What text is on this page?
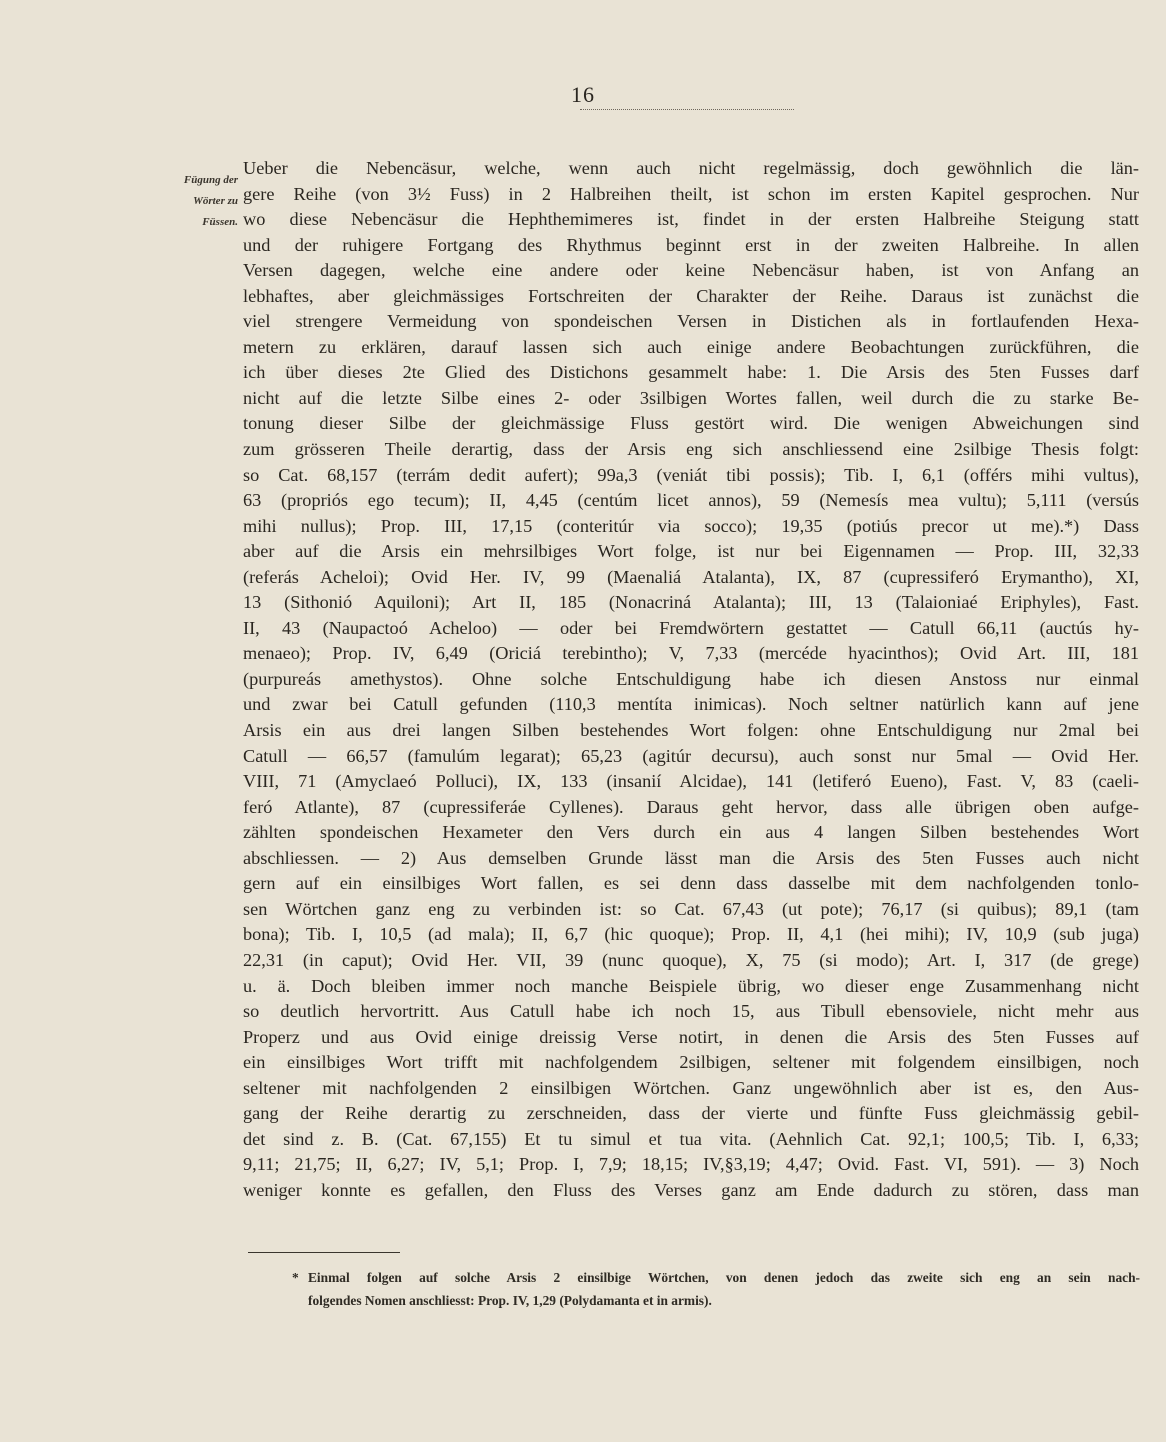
16
Fügung der
Wörter zu
Füssen.
Ueber die Nebencäsur, welche, wenn auch nicht regelmässig, doch gewöhnlich die län-
gere Reihe (von 3½ Fuss) in 2 Halbreihen theilt, ist schon im ersten Kapitel gesprochen. Nur
wo diese Nebencäsur die Hephthemimeres ist, findet in der ersten Halbreihe Steigung statt
und der ruhigere Fortgang des Rhythmus beginnt erst in der zweiten Halbreihe. In allen
Versen dagegen, welche eine andere oder keine Nebencäsur haben, ist von Anfang an
lebhaftes, aber gleichmässiges Fortschreiten der Charakter der Reihe. Daraus ist zunächst die
viel strengere Vermeidung von spondeischen Versen in Distichen als in fortlaufenden Hexa-
metern zu erklären, darauf lassen sich auch einige andere Beobachtungen zurückführen, die
ich über dieses 2te Glied des Distichons gesammelt habe: 1. Die Arsis des 5ten Fusses darf
nicht auf die letzte Silbe eines 2- oder 3silbigen Wortes fallen, weil durch die zu starke Be-
tonung dieser Silbe der gleichmässige Fluss gestört wird. Die wenigen Abweichungen sind
zum grösseren Theile derartig, dass der Arsis eng sich anschliessend eine 2silbige Thesis folgt:
so Cat. 68,157 (terrám dedit aufert); 99a,3 (veniát tibi possis); Tib. I, 6,1 (offérs mihi vultus),
63 (propriós ego tecum); II, 4,45 (centúm licet annos), 59 (Nemesís mea vultu); 5,111 (versús
mihi nullus); Prop. III, 17,15 (conteritúr via socco); 19,35 (potiús precor ut me).*) Dass
aber auf die Arsis ein mehrsilbiges Wort folge, ist nur bei Eigennamen — Prop. III, 32,33
(referás Acheloi); Ovid Her. IV, 99 (Maenaliá Atalanta), IX, 87 (cupressiferó Erymantho), XI,
13 (Sithonió Aquiloni); Art II, 185 (Nonacriná Atalanta); III, 13 (Talaioniaé Eriphyles), Fast.
II, 43 (Naupactoó Acheloo) — oder bei Fremdwörtern gestattet — Catull 66,11 (auctús hy-
menaeo); Prop. IV, 6,49 (Oriciá terebintho); V, 7,33 (mercéde hyacinthos); Ovid Art. III, 181
(purpureás amethystos). Ohne solche Entschuldigung habe ich diesen Anstoss nur einmal
und zwar bei Catull gefunden (110,3 mentíta inimicas). Noch seltner natürlich kann auf jene
Arsis ein aus drei langen Silben bestehendes Wort folgen: ohne Entschuldigung nur 2mal bei
Catull — 66,57 (famulúm legarat); 65,23 (agitúr decursu), auch sonst nur 5mal — Ovid Her.
VIII, 71 (Amyclaeó Polluci), IX, 133 (insanií Alcidae), 141 (letiferó Eueno), Fast. V, 83 (caeli-
feró Atlante), 87 (cupressiferáe Cyllenes). Daraus geht hervor, dass alle übrigen oben aufge-
zählten spondeischen Hexameter den Vers durch ein aus 4 langen Silben bestehendes Wort
abschliessen. — 2) Aus demselben Grunde lässt man die Arsis des 5ten Fusses auch nicht
gern auf ein einsilbiges Wort fallen, es sei denn dass dasselbe mit dem nachfolgenden tonlo-
sen Wörtchen ganz eng zu verbinden ist: so Cat. 67,43 (ut pote); 76,17 (si quibus); 89,1 (tam
bona); Tib. I, 10,5 (ad mala); II, 6,7 (hic quoque); Prop. II, 4,1 (hei mihi); IV, 10,9 (sub juga)
22,31 (in caput); Ovid Her. VII, 39 (nunc quoque), X, 75 (si modo); Art. I, 317 (de grege)
u. ä. Doch bleiben immer noch manche Beispiele übrig, wo dieser enge Zusammenhang nicht
so deutlich hervortritt. Aus Catull habe ich noch 15, aus Tibull ebensoviele, nicht mehr aus
Properz und aus Ovid einige dreissig Verse notirt, in denen die Arsis des 5ten Fusses auf
ein einsilbiges Wort trifft mit nachfolgendem 2silbigen, seltener mit folgendem einsilbigen, noch
seltener mit nachfolgenden 2 einsilbigen Wörtchen. Ganz ungewöhnlich aber ist es, den Aus-
gang der Reihe derartig zu zerschneiden, dass der vierte und fünfte Fuss gleichmässig gebil-
det sind z. B. (Cat. 67,155) Et tu simul et tua vita. (Aehnlich Cat. 92,1; 100,5; Tib. I, 6,33;
9,11; 21,75; II, 6,27; IV, 5,1; Prop. I, 7,9; 18,15; IV,§3,19; 4,47; Ovid. Fast. VI, 591). — 3) Noch
weniger konnte es gefallen, den Fluss des Verses ganz am Ende dadurch zu stören, dass man
* Einmal folgen auf solche Arsis 2 einsilbige Wörtchen, von denen jedoch das zweite sich eng an sein nach-
folgendes Nomen anschliesst: Prop. IV, 1,29 (Polydamanta et in armis).
